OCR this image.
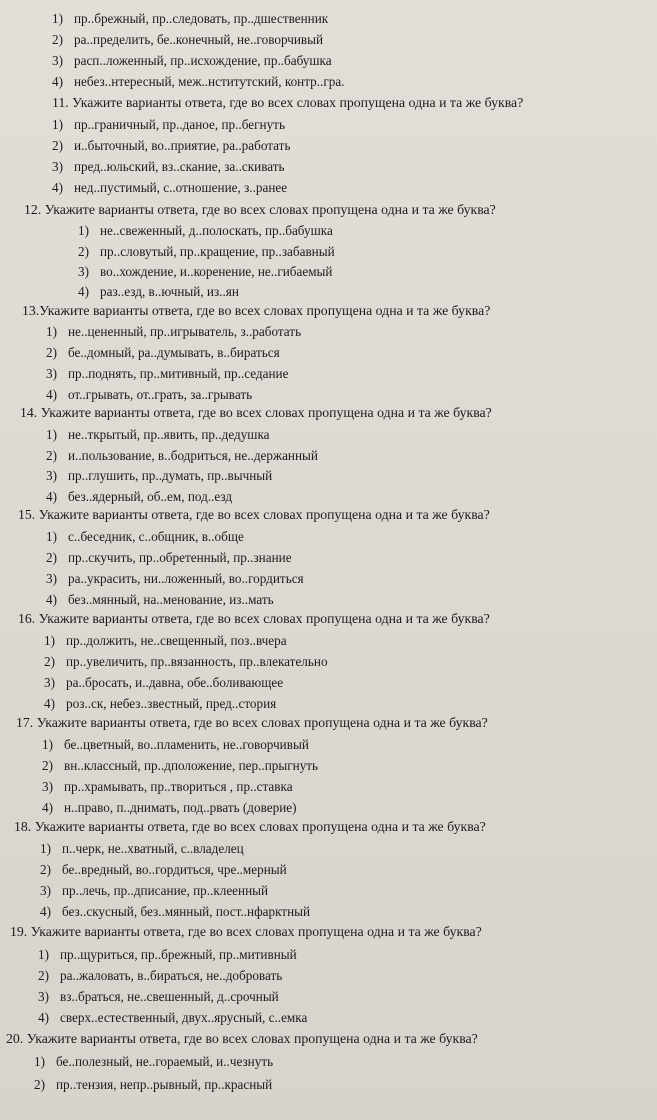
1) пр..брежный, пр..следовать, пр..дшественник
2) ра..пределить, бе..конечный, не..говорчивый
3) расп..ложенный, пр..исхождение, пр..бабушка
4) небез..нтересный, меж..нститутский, контр..гра.
11. Укажите варианты ответа, где во всех словах пропущена одна и та же буква?
1) пр..граничный, пр..даное, пр..бегнуть
2) и..быточный, во..приятие, ра..работать
3) пред..юльский, вз..скание, за..скивать
4) нед..пустимый, с..отношение, з..ранее
12. Укажите варианты ответа, где во всех словах пропущена одна и та же буква?
1) не..свеженный, д..полоскать, пр..бабушка
2) пр..словутый, пр..кращение, пр..забавный
3) во..хождение, и..коренение, не..гибаемый
4) раз..езд, в..ючный, из..ян
13.Укажите варианты ответа, где во всех словах пропущена одна и та же буква?
1) не..цененный, пр..игрыватель, з..работать
2) бе..домный, ра..думывать, в..бираться
3) пр..поднять, пр..митивный, пр..седание
4) от..грывать, от..грать, за..грывать
14. Укажите варианты ответа, где во всех словах пропущена одна и та же буква?
1) не..ткрытый, пр..явить, пр..дедушка
2) и..пользование, в..бодриться, не..держанный
3) пр..глушить, пр..думать, пр..вычный
4) без..ядерный, об..ем, под..езд
15. Укажите варианты ответа, где во всех словах пропущена одна и та же буква?
1) с..беседник, с..общник, в..обще
2) пр..скучить, пр..обретенный, пр..знание
3) ра..украсить, ни..ложенный, во..гордиться
4) без..мянный, на..менование, из..мать
16. Укажите варианты ответа, где во всех словах пропущена одна и та же буква?
1) пр..должить, не..свещенный, поз..вчера
2) пр..увеличить, пр..вязанность, пр..влекательно
3) ра..бросать, и..давна, обе..боливающее
4) роз..ск, небез..звестный, пред..стория
17. Укажите варианты ответа, где во всех словах пропущена одна и та же буква?
1) бе..цветный, во..пламенить, не..говорчивый
2) вн..классный, пр..дположение, пер..прыгнуть
3) пр..храмывать, пр..твориться , пр..ставка
4) н..право, п..днимать, под..рвать (доверие)
18. Укажите варианты ответа, где во всех словах пропущена одна и та же буква?
1) п..черк, не..хватный, с..владелец
2) бе..вредный, во..гордиться, чре..мерный
3) пр..лечь, пр..дписание, пр..клеенный
4) без..скусный, без..мянный, пост..нфарктный
19. Укажите варианты ответа, где во всех словах пропущена одна и та же буква?
1) пр..щуриться, пр..брежный, пр..митивный
2) ра..жаловать, в..бираться, не..добровать
3) вз..браться, не..свешенный, д..срочный
4) сверх..естественный, двух..ярусный, с..емка
20. Укажите варианты ответа, где во всех словах пропущена одна и та же буква?
1) бе..полезный, не..гораемый, и..чезнуть
2) пр..тензия, непр..рывный, пр..красный
